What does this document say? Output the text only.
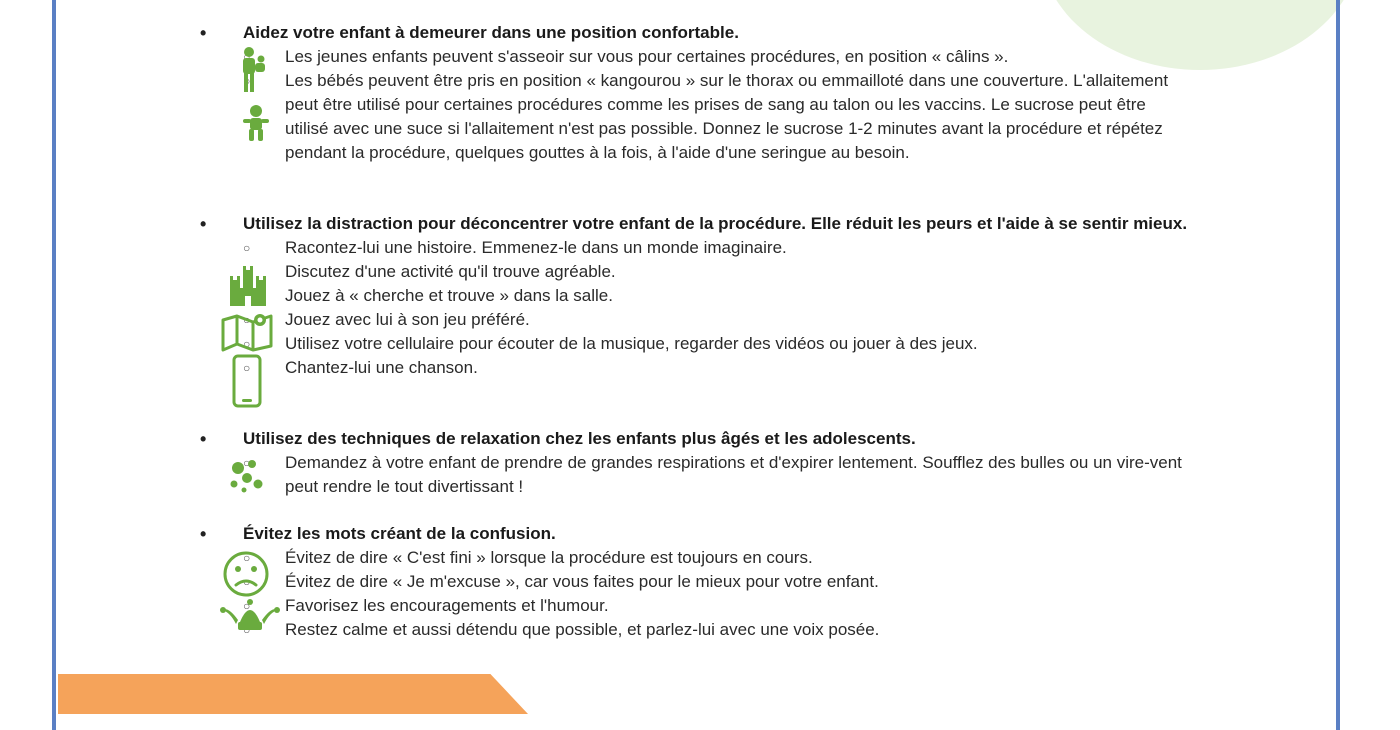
• Aidez votre enfant à demeurer dans une position confortable.
○ Les jeunes enfants peuvent s'asseoir sur vous pour certaines procédures, en position « câlins ».
○ Les bébés peuvent être pris en position « kangourou » sur le thorax ou emmailloté dans une couverture. L'allaitement peut être utilisé pour certaines procédures comme les prises de sang au talon ou les vaccins. Le sucrose peut être utilisé avec une suce si l'allaitement n'est pas possible. Donnez le sucrose 1-2 minutes avant la procédure et répétez pendant la procédure, quelques gouttes à la fois, à l'aide d'une seringue au besoin.
• Utilisez la distraction pour déconcentrer votre enfant de la procédure. Elle réduit les peurs et l'aide à se sentir mieux.
○ Racontez-lui une histoire. Emmenez-le dans un monde imaginaire.
○ Discutez d'une activité qu'il trouve agréable.
○ Jouez à « cherche et trouve » dans la salle.
○ Jouez avec lui à son jeu préféré.
○ Utilisez votre cellulaire pour écouter de la musique, regarder des vidéos ou jouer à des jeux.
○ Chantez-lui une chanson.
• Utilisez des techniques de relaxation chez les enfants plus âgés et les adolescents.
○ Demandez à votre enfant de prendre de grandes respirations et d'expirer lentement. Soufflez des bulles ou un vire-vent peut rendre le tout divertissant !
• Évitez les mots créant de la confusion.
○ Évitez de dire « C'est fini » lorsque la procédure est toujours en cours.
○ Évitez de dire « Je m'excuse », car vous faites pour le mieux pour votre enfant.
○ Favorisez les encouragements et l'humour.
○ Restez calme et aussi détendu que possible, et parlez-lui avec une voix posée.
